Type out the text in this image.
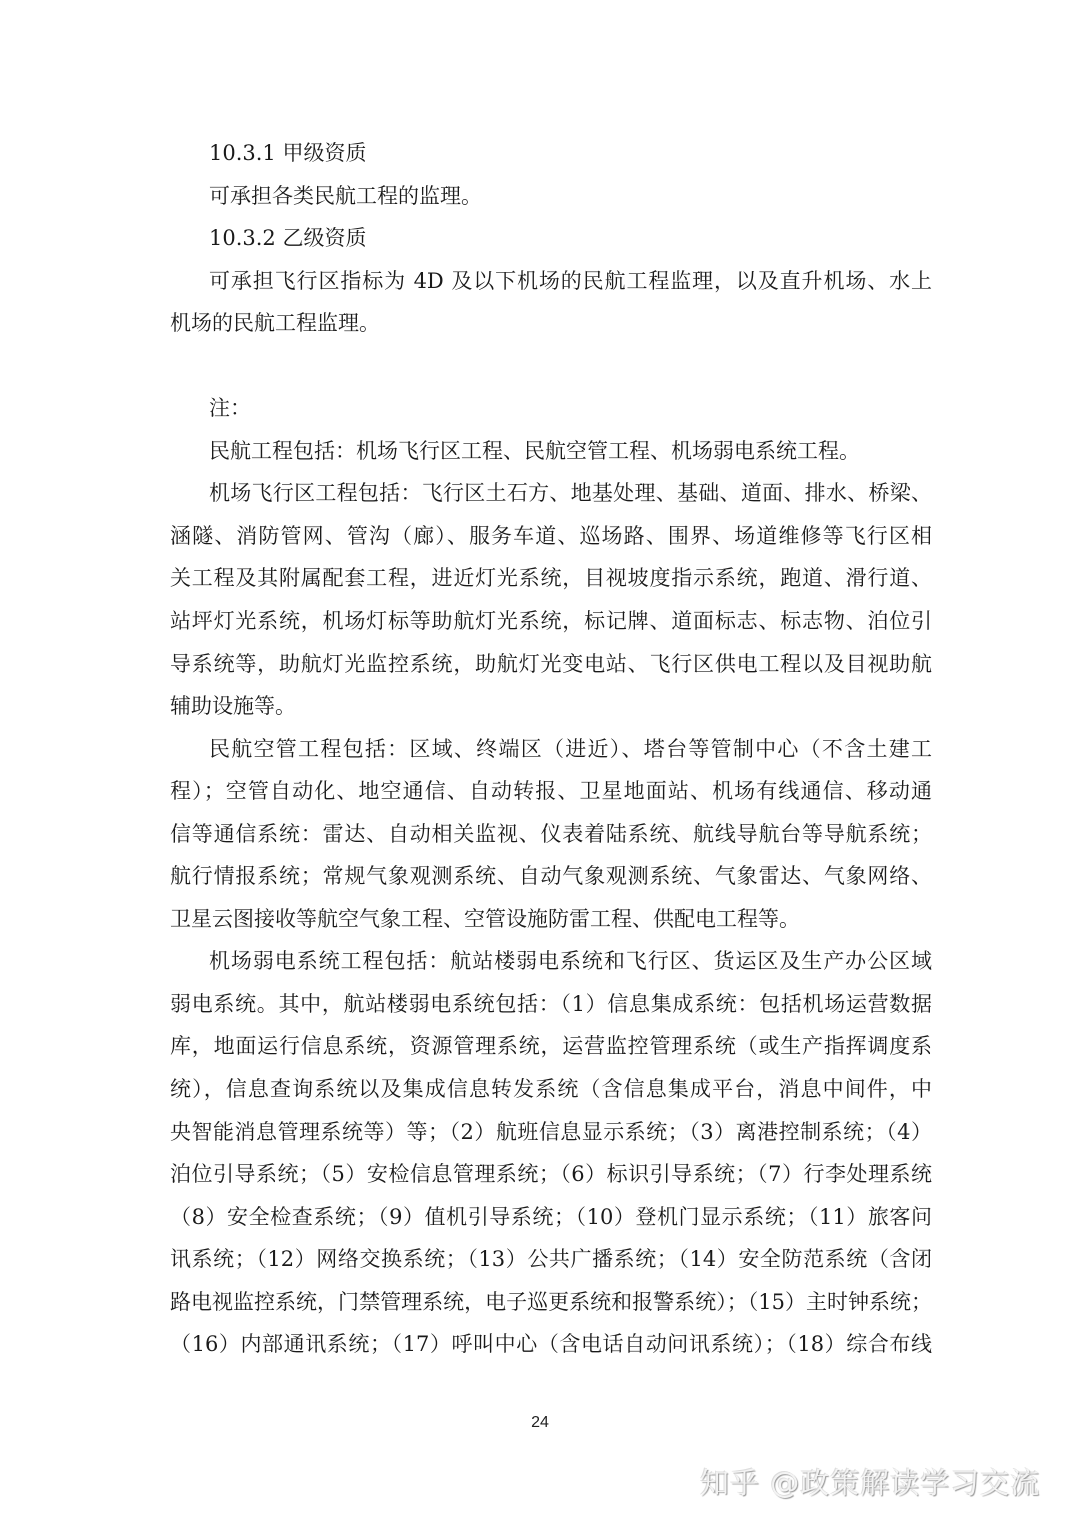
10.3.1 甲级资质
可承担各类民航工程的监理。
10.3.2 乙级资质
可承担飞行区指标为 4D 及以下机场的民航工程监理，以及直升机场、水上
机场的民航工程监理。
注：
民航工程包括：机场飞行区工程、民航空管工程、机场弱电系统工程。
机场飞行区工程包括：飞行区土石方、地基处理、基础、道面、排水、桥梁、
涵隧、消防管网、管沟（廊）、服务车道、巡场路、围界、场道维修等飞行区相
关工程及其附属配套工程，进近灯光系统，目视坡度指示系统，跑道、滑行道、
站坪灯光系统，机场灯标等助航灯光系统，标记牌、道面标志、标志物、泊位引
导系统等，助航灯光监控系统，助航灯光变电站、飞行区供电工程以及目视助航
辅助设施等。
民航空管工程包括：区域、终端区（进近）、塔台等管制中心（不含土建工
程）；空管自动化、地空通信、自动转报、卫星地面站、机场有线通信、移动通
信等通信系统：雷达、自动相关监视、仪表着陆系统、航线导航台等导航系统；
航行情报系统；常规气象观测系统、自动气象观测系统、气象雷达、气象网络、
卫星云图接收等航空气象工程、空管设施防雷工程、供配电工程等。
机场弱电系统工程包括：航站楼弱电系统和飞行区、货运区及生产办公区域
弱电系统。其中，航站楼弱电系统包括：（1）信息集成系统：包括机场运营数据
库，地面运行信息系统，资源管理系统，运营监控管理系统（或生产指挥调度系
统），信息查询系统以及集成信息转发系统（含信息集成平台，消息中间件，中
央智能消息管理系统等）等；（2）航班信息显示系统；（3）离港控制系统；（4）
泊位引导系统；（5）安检信息管理系统；（6）标识引导系统；（7）行李处理系统
（8）安全检查系统；（9）值机引导系统；（10）登机门显示系统；（11）旅客问
讯系统；（12）网络交换系统；（13）公共广播系统；（14）安全防范系统（含闭
路电视监控系统，门禁管理系统，电子巡更系统和报警系统）；（15）主时钟系统；
（16）内部通讯系统；（17）呼叫中心（含电话自动问讯系统）；（18）综合布线
24
知乎 @政策解读学习交流
